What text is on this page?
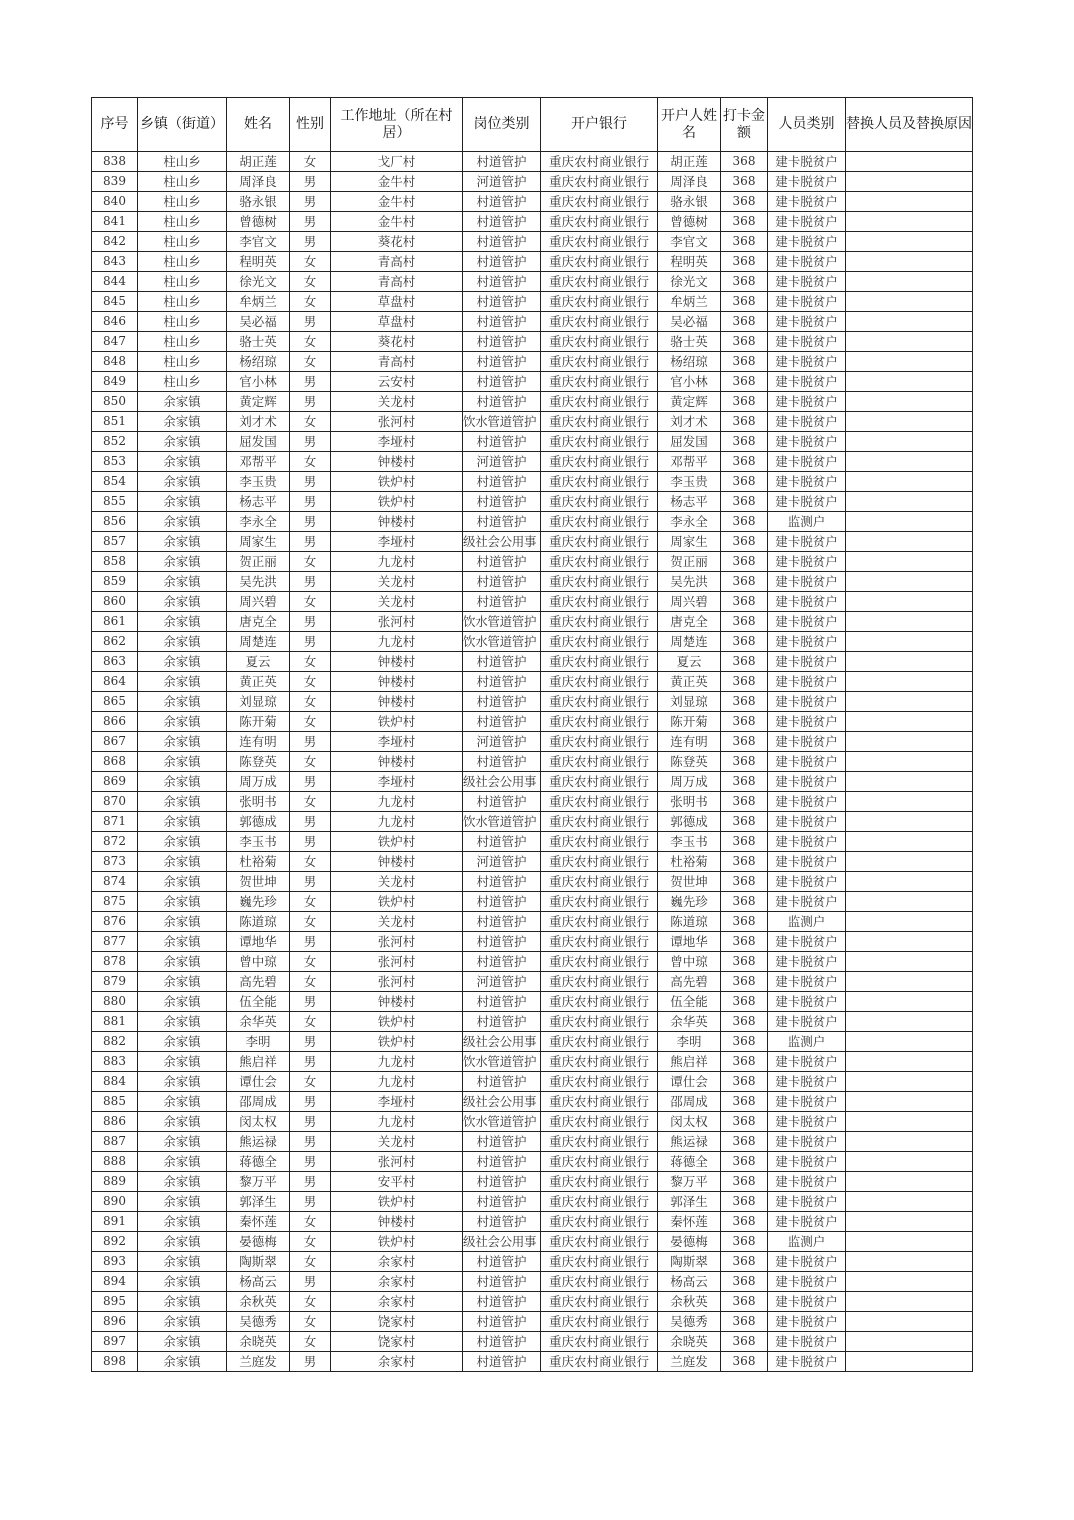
序号	乡镇（街道）	姓名	性别	工作地址（所在村居）	岗位类别	开户银行	开户人姓名	打卡金额	人员类别	替换人员及替换原因
838	柱山乡	胡正莲	女	戈厂村	村道管护	重庆农村商业银行	胡正莲	368	建卡脱贫户	
839	柱山乡	周泽良	男	金牛村	河道管护	重庆农村商业银行	周泽良	368	建卡脱贫户	
840	柱山乡	骆永银	男	金牛村	村道管护	重庆农村商业银行	骆永银	368	建卡脱贫户	
841	柱山乡	曾德树	男	金牛村	村道管护	重庆农村商业银行	曾德树	368	建卡脱贫户	
842	柱山乡	李官文	男	葵花村	村道管护	重庆农村商业银行	李官文	368	建卡脱贫户	
843	柱山乡	程明英	女	青高村	村道管护	重庆农村商业银行	程明英	368	建卡脱贫户	
844	柱山乡	徐光文	女	青高村	村道管护	重庆农村商业银行	徐光文	368	建卡脱贫户	
845	柱山乡	牟炳兰	女	草盘村	村道管护	重庆农村商业银行	牟炳兰	368	建卡脱贫户	
846	柱山乡	吴必福	男	草盘村	村道管护	重庆农村商业银行	吴必福	368	建卡脱贫户	
847	柱山乡	骆士英	女	葵花村	村道管护	重庆农村商业银行	骆士英	368	建卡脱贫户	
848	柱山乡	杨绍琼	女	青高村	村道管护	重庆农村商业银行	杨绍琼	368	建卡脱贫户	
849	柱山乡	官小林	男	云安村	村道管护	重庆农村商业银行	官小林	368	建卡脱贫户	
850	余家镇	黄定辉	男	关龙村	村道管护	重庆农村商业银行	黄定辉	368	建卡脱贫户	
851	余家镇	刘才术	女	张河村	饮水管道管护	重庆农村商业银行	刘才术	368	建卡脱贫户	
852	余家镇	屈发国	男	李垭村	村道管护	重庆农村商业银行	屈发国	368	建卡脱贫户	
853	余家镇	邓帮平	女	钟楼村	河道管护	重庆农村商业银行	邓帮平	368	建卡脱贫户	
854	余家镇	李玉贵	男	铁炉村	村道管护	重庆农村商业银行	李玉贵	368	建卡脱贫户	
855	余家镇	杨志平	男	铁炉村	村道管护	重庆农村商业银行	杨志平	368	建卡脱贫户	
856	余家镇	李永全	男	钟楼村	村道管护	重庆农村商业银行	李永全	368	监测户	
857	余家镇	周家生	男	李垭村	级社会公用事	重庆农村商业银行	周家生	368	建卡脱贫户	
858	余家镇	贺正丽	女	九龙村	村道管护	重庆农村商业银行	贺正丽	368	建卡脱贫户	
859	余家镇	吴先洪	男	关龙村	村道管护	重庆农村商业银行	吴先洪	368	建卡脱贫户	
860	余家镇	周兴碧	女	关龙村	村道管护	重庆农村商业银行	周兴碧	368	建卡脱贫户	
861	余家镇	唐克全	男	张河村	饮水管道管护	重庆农村商业银行	唐克全	368	建卡脱贫户	
862	余家镇	周楚连	男	九龙村	饮水管道管护	重庆农村商业银行	周楚连	368	建卡脱贫户	
863	余家镇	夏云	女	钟楼村	村道管护	重庆农村商业银行	夏云	368	建卡脱贫户	
864	余家镇	黄正英	女	钟楼村	村道管护	重庆农村商业银行	黄正英	368	建卡脱贫户	
865	余家镇	刘显琼	女	钟楼村	村道管护	重庆农村商业银行	刘显琼	368	建卡脱贫户	
866	余家镇	陈开菊	女	铁炉村	村道管护	重庆农村商业银行	陈开菊	368	建卡脱贫户	
867	余家镇	连有明	男	李垭村	河道管护	重庆农村商业银行	连有明	368	建卡脱贫户	
868	余家镇	陈登英	女	钟楼村	村道管护	重庆农村商业银行	陈登英	368	建卡脱贫户	
869	余家镇	周万成	男	李垭村	级社会公用事	重庆农村商业银行	周万成	368	建卡脱贫户	
870	余家镇	张明书	女	九龙村	村道管护	重庆农村商业银行	张明书	368	建卡脱贫户	
871	余家镇	郭德成	男	九龙村	饮水管道管护	重庆农村商业银行	郭德成	368	建卡脱贫户	
872	余家镇	李玉书	男	铁炉村	村道管护	重庆农村商业银行	李玉书	368	建卡脱贫户	
873	余家镇	杜裕菊	女	钟楼村	河道管护	重庆农村商业银行	杜裕菊	368	建卡脱贫户	
874	余家镇	贺世坤	男	关龙村	村道管护	重庆农村商业银行	贺世坤	368	建卡脱贫户	
875	余家镇	巍先珍	女	铁炉村	村道管护	重庆农村商业银行	巍先珍	368	建卡脱贫户	
876	余家镇	陈道琼	女	关龙村	村道管护	重庆农村商业银行	陈道琼	368	监测户	
877	余家镇	谭地华	男	张河村	村道管护	重庆农村商业银行	谭地华	368	建卡脱贫户	
878	余家镇	曾中琼	女	张河村	村道管护	重庆农村商业银行	曾中琼	368	建卡脱贫户	
879	余家镇	高先碧	女	张河村	河道管护	重庆农村商业银行	高先碧	368	建卡脱贫户	
880	余家镇	伍全能	男	钟楼村	村道管护	重庆农村商业银行	伍全能	368	建卡脱贫户	
881	余家镇	余华英	女	铁炉村	村道管护	重庆农村商业银行	余华英	368	建卡脱贫户	
882	余家镇	李明	男	铁炉村	级社会公用事	重庆农村商业银行	李明	368	监测户	
883	余家镇	熊启祥	男	九龙村	饮水管道管护	重庆农村商业银行	熊启祥	368	建卡脱贫户	
884	余家镇	谭仕会	女	九龙村	村道管护	重庆农村商业银行	谭仕会	368	建卡脱贫户	
885	余家镇	邵周成	男	李垭村	级社会公用事	重庆农村商业银行	邵周成	368	建卡脱贫户	
886	余家镇	闵太权	男	九龙村	饮水管道管护	重庆农村商业银行	闵太权	368	建卡脱贫户	
887	余家镇	熊运禄	男	关龙村	村道管护	重庆农村商业银行	熊运禄	368	建卡脱贫户	
888	余家镇	蒋德全	男	张河村	村道管护	重庆农村商业银行	蒋德全	368	建卡脱贫户	
889	余家镇	黎万平	男	安平村	村道管护	重庆农村商业银行	黎万平	368	建卡脱贫户	
890	余家镇	郭泽生	男	铁炉村	村道管护	重庆农村商业银行	郭泽生	368	建卡脱贫户	
891	余家镇	秦怀莲	女	钟楼村	村道管护	重庆农村商业银行	秦怀莲	368	建卡脱贫户	
892	余家镇	晏德梅	女	铁炉村	级社会公用事	重庆农村商业银行	晏德梅	368	监测户	
893	余家镇	陶斯翠	女	余家村	村道管护	重庆农村商业银行	陶斯翠	368	建卡脱贫户	
894	余家镇	杨高云	男	余家村	村道管护	重庆农村商业银行	杨高云	368	建卡脱贫户	
895	余家镇	余秋英	女	余家村	村道管护	重庆农村商业银行	余秋英	368	建卡脱贫户	
896	余家镇	吴德秀	女	饶家村	村道管护	重庆农村商业银行	吴德秀	368	建卡脱贫户	
897	余家镇	余晓英	女	饶家村	村道管护	重庆农村商业银行	余晓英	368	建卡脱贫户	
898	余家镇	兰庭发	男	余家村	村道管护	重庆农村商业银行	兰庭发	368	建卡脱贫户	
